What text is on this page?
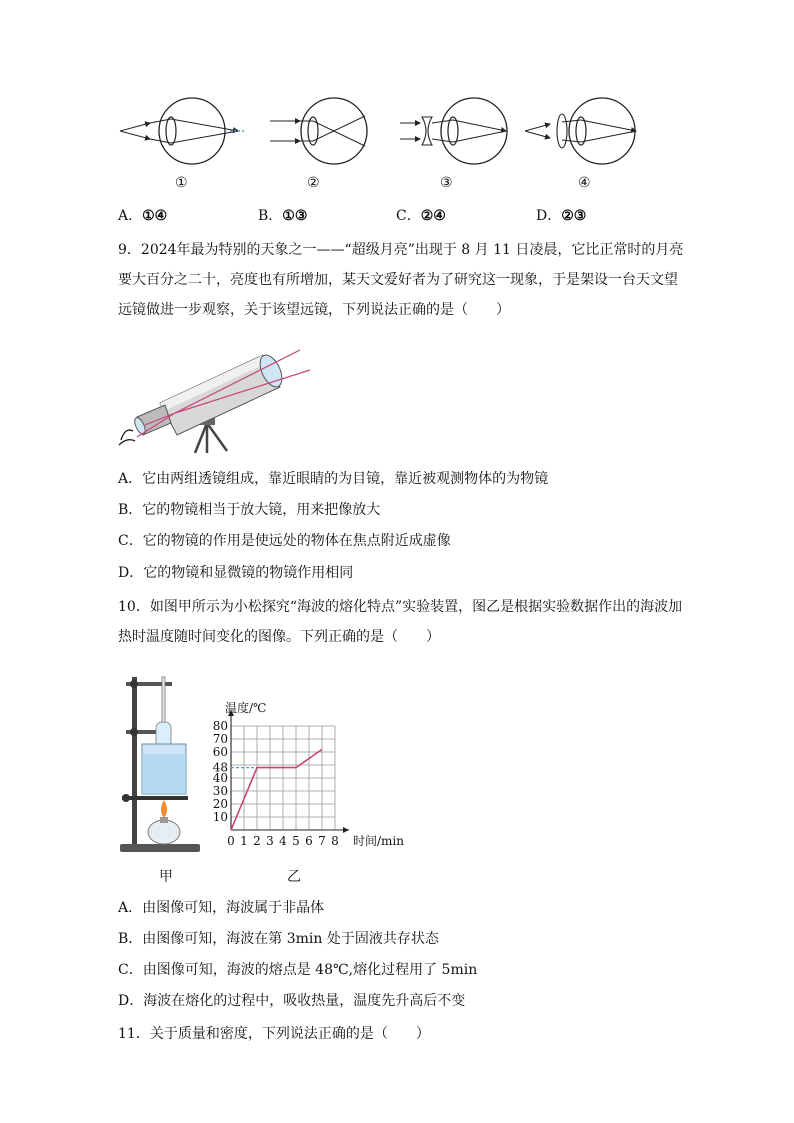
①	②	③	④
A．①④	B．①③	C．②④	D．②③
9．2024年最为特别的天象之一——“超级月亮”出现于 8 月 11 日凌晨，它比正常时的月亮
要大百分之二十，亮度也有所增加，某天文爱好者为了研究这一现象，于是架设一台天文望
远镜做进一步观察，关于该望远镜，下列说法正确的是（　　）
A．它由两组透镜组成，靠近眼睛的为目镜，靠近被观测物体的为物镜
B．它的物镜相当于放大镜，用来把像放大
C．它的物镜的作用是使远处的物体在焦点附近成虚像
D．它的物镜和显微镜的物镜作用相同
10．如图甲所示为小松探究“海波的熔化特点”实验装置，图乙是根据实验数据作出的海波加
热时温度随时间变化的图像。下列正确的是（　　）
10
20
30
40
48
60
70
80
0 1 2 3 4 5 6 7 8
温度/℃
时间/min
甲	乙
A．由图像可知，海波属于非晶体
B．由图像可知，海波在第 3min 处于固液共存状态
C．由图像可知，海波的熔点是 48℃,熔化过程用了 5min
D．海波在熔化的过程中，吸收热量，温度先升高后不变
11．关于质量和密度，下列说法正确的是（　　）
